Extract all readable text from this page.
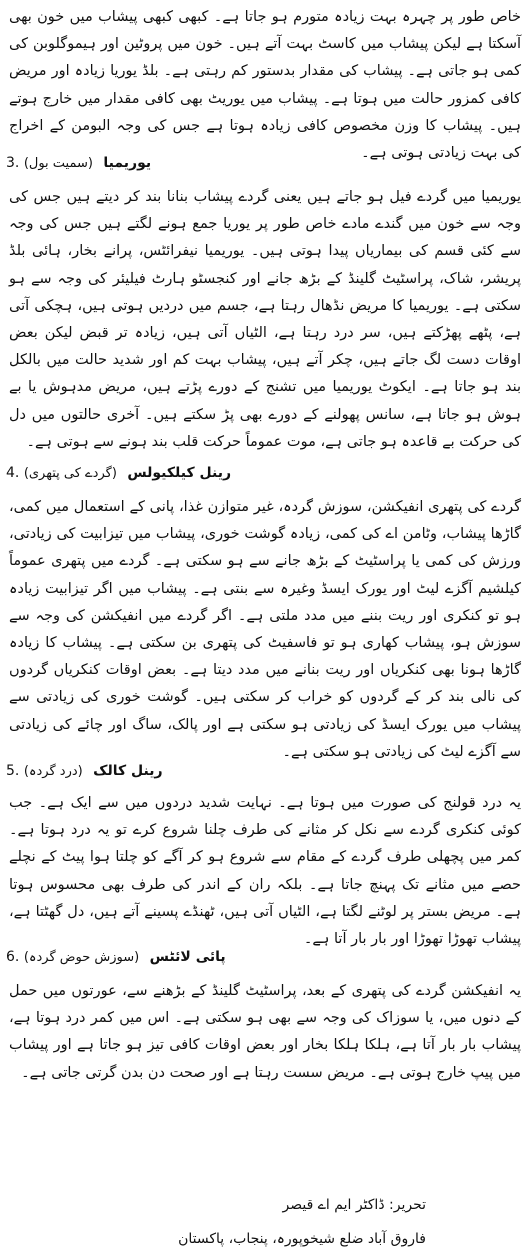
خاص طور پر چہرہ بہت زیادہ متورم ہو جاتا ہے۔ کبھی کبھی پیشاب میں خون بھی آسکتا ہے لیکن پیشاب میں کاسٹ بہت آتے ہیں۔ خون میں پروٹین اور ہیموگلوبن کی کمی ہو جاتی ہے۔ پیشاب کی مقدار بدستور کم رہتی ہے۔ بلڈ یوریا زیادہ اور مریض کافی کمزور حالت میں ہوتا ہے۔ پیشاب میں یوریٹ بھی کافی مقدار میں خارج ہوتے ہیں۔ پیشاب کا وزن مخصوص کافی زیادہ ہوتا ہے جس کی وجہ البومن کے اخراج کی بہت زیادتی ہوتی ہے۔

3.	یوریمیا (سمیت بول)

یوریمیا میں گردے فیل ہو جاتے ہیں یعنی گردے پیشاب بنانا بند کر دیتے ہیں جس کی وجہ سے خون میں گندے مادے خاص طور پر یوریا جمع ہونے لگتے ہیں جس کی وجہ سے کئی قسم کی بیماریاں پیدا ہوتی ہیں۔ یوریمیا نیفرائٹس، پرانے بخار، ہائی بلڈ پریشر، شاک، پراسٹیٹ گلینڈ کے بڑھ جانے اور کنجسٹو ہارٹ فیلیئر کی وجہ سے ہو سکتی ہے۔ یوریمیا کا مریض نڈھال رہتا ہے، جسم میں دردیں ہوتی ہیں، ہچکی آتی ہے، پٹھے پھڑکتے ہیں، سر درد رہتا ہے، الٹیاں آتی ہیں، زیادہ تر قبض لیکن بعض اوقات دست لگ جاتے ہیں، چکر آتے ہیں، پیشاب بہت کم اور شدید حالت میں بالکل بند ہو جاتا ہے۔ ایکوٹ یوریمیا میں تشنج کے دورے پڑتے ہیں، مریض مدہوش یا بے ہوش ہو جاتا ہے، سانس پھولنے کے دورے بھی پڑ سکتے ہیں۔ آخری حالتوں میں دل کی حرکت بے قاعدہ ہو جاتی ہے، موت عموماً حرکت قلب بند ہونے سے ہوتی ہے۔

4.	رینل کیلکیولس (گردے کی پتھری)

گردے کی پتھری انفیکشن، سوزش گردہ، غیر متوازن غذا، پانی کے استعمال میں کمی، گاڑھا پیشاب، وٹامن اے کی کمی، زیادہ گوشت خوری، پیشاب میں تیزابیت کی زیادتی، ورزش کی کمی یا پراسٹیٹ کے بڑھ جانے سے ہو سکتی ہے۔ گردے میں پتھری عموماً کیلشیم آگزے لیٹ اور یورک ایسڈ وغیرہ سے بنتی ہے۔ پیشاب میں اگر تیزابیت زیادہ ہو تو کنکری اور ریت بننے میں مدد ملتی ہے۔ اگر گردے میں انفیکشن کی وجہ سے سوزش ہو، پیشاب کھاری ہو تو فاسفیٹ کی پتھری بن سکتی ہے۔ پیشاب کا زیادہ گاڑھا ہونا بھی کنکریاں اور ریت بنانے میں مدد دیتا ہے۔ بعض اوقات کنکریاں گردوں کی نالی بند کر کے گردوں کو خراب کر سکتی ہیں۔ گوشت خوری کی زیادتی سے پیشاب میں یورک ایسڈ کی زیادتی ہو سکتی ہے اور پالک، ساگ اور چائے کی زیادتی سے آگزے لیٹ کی زیادتی ہو سکتی ہے۔

5.	رینل کالک (درد گردہ)

یہ درد قولنج کی صورت میں ہوتا ہے۔ نہایت شدید دردوں میں سے ایک ہے۔ جب کوئی کنکری گردے سے نکل کر مثانے کی طرف چلنا شروع کرے تو یہ درد ہوتا ہے۔ کمر میں پچھلی طرف گردے کے مقام سے شروع ہو کر آگے کو چلتا ہوا پیٹ کے نچلے حصے میں مثانے تک پہنچ جاتا ہے۔ بلکہ ران کے اندر کی طرف بھی محسوس ہوتا ہے۔ مریض بستر پر لوٹنے لگتا ہے، الٹیاں آتی ہیں، ٹھنڈے پسینے آتے ہیں، دل گھٹتا ہے، پیشاب تھوڑا تھوڑا اور بار بار آتا ہے۔

6.	پائی لائٹس (سوزش حوض گردہ)

یہ انفیکشن گردے کی پتھری کے بعد، پراسٹیٹ گلینڈ کے بڑھنے سے، عورتوں میں حمل کے دنوں میں، یا سوزاک کی وجہ سے بھی ہو سکتی ہے۔ اس میں کمر درد ہوتا ہے، پیشاب بار بار آتا ہے، ہلکا ہلکا بخار اور بعض اوقات کافی تیز ہو جاتا ہے اور پیشاب میں پیپ خارج ہوتی ہے۔ مریض سست رہتا ہے اور صحت دن بدن گرتی جاتی ہے۔

تحریر: ڈاکٹر ایم اے قیصر

فاروق آباد ضلع شیخوپورہ، پنجاب، پاکستان
